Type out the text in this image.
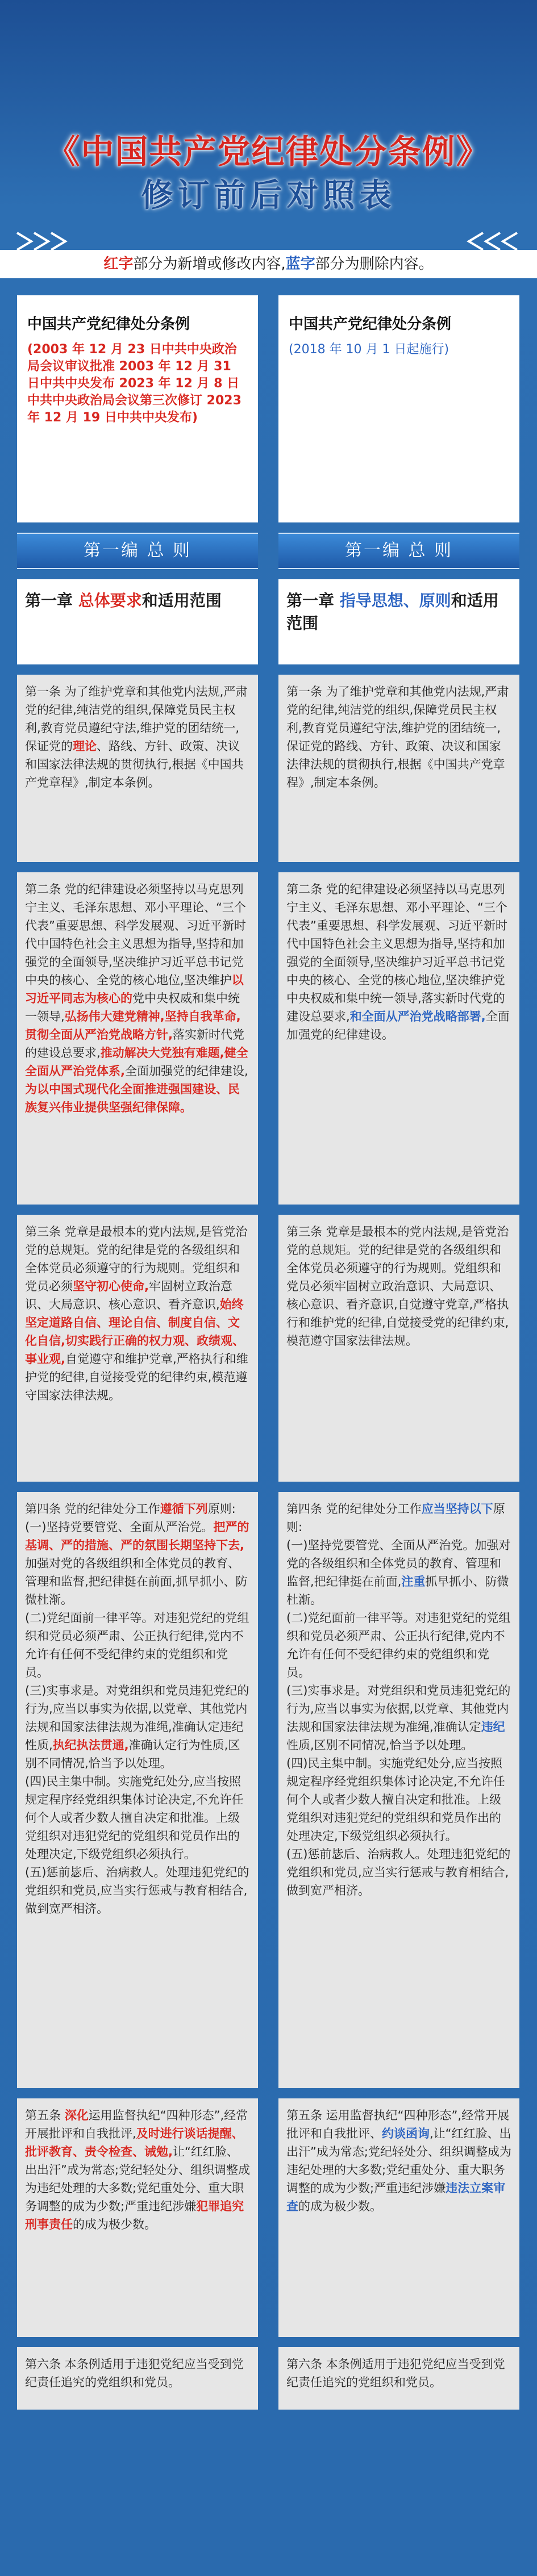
《中国共产党纪律处分条例》
修订前后对照表
红字部分为新增或修改内容,蓝字部分为删除内容。
中国共产党纪律处分条例
(2003 年 12 月 23 日中共中央政治局会议审议批准 2003 年 12 月 31 日中共中央发布 2023 年 12 月 8 日中共中央政治局会议第三次修订 2023 年 12 月 19 日中共中央发布)
第一编 总 则
第一章 总体要求和适用范围

第一条 为了维护党章和其他党内法规,严肃党的纪律,纯洁党的组织,保障党员民主权利,教育党员遵纪守法,维护党的团结统一,保证党的理论、路线、方针、政策、决议和国家法律法规的贯彻执行,根据《中国共产党章程》,制定本条例。

第二条 党的纪律建设必须坚持以马克思列宁主义、毛泽东思想、邓小平理论、“三个代表”重要思想、科学发展观、习近平新时代中国特色社会主义思想为指导,坚持和加强党的全面领导,坚决维护习近平总书记党中央的核心、全党的核心地位,坚决维护以习近平同志为核心的党中央权威和集中统一领导,弘扬伟大建党精神,坚持自我革命,贯彻全面从严治党战略方针,落实新时代党的建设总要求,推动解决大党独有难题,健全全面从严治党体系,全面加强党的纪律建设,为以中国式现代化全面推进强国建设、民族复兴伟业提供坚强纪律保障。

第三条 党章是最根本的党内法规,是管党治党的总规矩。党的纪律是党的各级组织和全体党员必须遵守的行为规则。党组织和党员必须坚守初心使命,牢固树立政治意识、大局意识、核心意识、看齐意识,始终坚定道路自信、理论自信、制度自信、文化自信,切实践行正确的权力观、政绩观、事业观,自觉遵守和维护党章,严格执行和维护党的纪律,自觉接受党的纪律约束,模范遵守国家法律法规。

第四条 党的纪律处分工作遵循下列原则:

(一)坚持党要管党、全面从严治党。把严的基调、严的措施、严的氛围长期坚持下去,加强对党的各级组织和全体党员的教育、管理和监督,把纪律挺在前面,抓早抓小、防微杜渐。

(二)党纪面前一律平等。对违犯党纪的党组织和党员必须严肃、公正执行纪律,党内不允许有任何不受纪律约束的党组织和党员。

(三)实事求是。对党组织和党员违犯党纪的行为,应当以事实为依据,以党章、其他党内法规和国家法律法规为准绳,准确认定违纪性质,执纪执法贯通,准确认定行为性质,区别不同情况,恰当予以处理。

(四)民主集中制。实施党纪处分,应当按照规定程序经党组织集体讨论决定,不允许任何个人或者少数人擅自决定和批准。上级党组织对违犯党纪的党组织和党员作出的处理决定,下级党组织必须执行。

(五)惩前毖后、治病救人。处理违犯党纪的党组织和党员,应当实行惩戒与教育相结合,做到宽严相济。

第五条 深化运用监督执纪“四种形态”,经常开展批评和自我批评,及时进行谈话提醒、批评教育、责令检查、诫勉,让“红红脸、出出汗”成为常态;党纪轻处分、组织调整成为违纪处理的大多数;党纪重处分、重大职务调整的成为少数;严重违纪涉嫌犯罪追究刑事责任的成为极少数。

第六条 本条例适用于违犯党纪应当受到党纪责任追究的党组织和党员。

中国共产党纪律处分条例
(2018 年 10 月 1 日起施行)
第一编 总 则
第一章 指导思想、原则和适用范围

第一条 为了维护党章和其他党内法规,严肃党的纪律,纯洁党的组织,保障党员民主权利,教育党员遵纪守法,维护党的团结统一,保证党的路线、方针、政策、决议和国家法律法规的贯彻执行,根据《中国共产党章程》,制定本条例。

第二条 党的纪律建设必须坚持以马克思列宁主义、毛泽东思想、邓小平理论、“三个代表”重要思想、科学发展观、习近平新时代中国特色社会主义思想为指导,坚持和加强党的全面领导,坚决维护习近平总书记党中央的核心、全党的核心地位,坚决维护党中央权威和集中统一领导,落实新时代党的建设总要求,和全面从严治党战略部署,全面加强党的纪律建设。

第三条 党章是最根本的党内法规,是管党治党的总规矩。党的纪律是党的各级组织和全体党员必须遵守的行为规则。党组织和党员必须牢固树立政治意识、大局意识、核心意识、看齐意识,自觉遵守党章,严格执行和维护党的纪律,自觉接受党的纪律约束,模范遵守国家法律法规。

第四条 党的纪律处分工作应当坚持以下原则:

(一)坚持党要管党、全面从严治党。加强对党的各级组织和全体党员的教育、管理和监督,把纪律挺在前面,注重抓早抓小、防微杜渐。

(二)党纪面前一律平等。对违犯党纪的党组织和党员必须严肃、公正执行纪律,党内不允许有任何不受纪律约束的党组织和党员。

(三)实事求是。对党组织和党员违犯党纪的行为,应当以事实为依据,以党章、其他党内法规和国家法律法规为准绳,准确认定违纪性质,区别不同情况,恰当予以处理。

(四)民主集中制。实施党纪处分,应当按照规定程序经党组织集体讨论决定,不允许任何个人或者少数人擅自决定和批准。上级党组织对违犯党纪的党组织和党员作出的处理决定,下级党组织必须执行。

(五)惩前毖后、治病救人。处理违犯党纪的党组织和党员,应当实行惩戒与教育相结合,做到宽严相济。

第五条 运用监督执纪“四种形态”,经常开展批评和自我批评、约谈函询,让“红红脸、出出汗”成为常态;党纪轻处分、组织调整成为违纪处理的大多数;党纪重处分、重大职务调整的成为少数;严重违纪涉嫌违法立案审查的成为极少数。

第六条 本条例适用于违犯党纪应当受到党纪责任追究的党组织和党员。
